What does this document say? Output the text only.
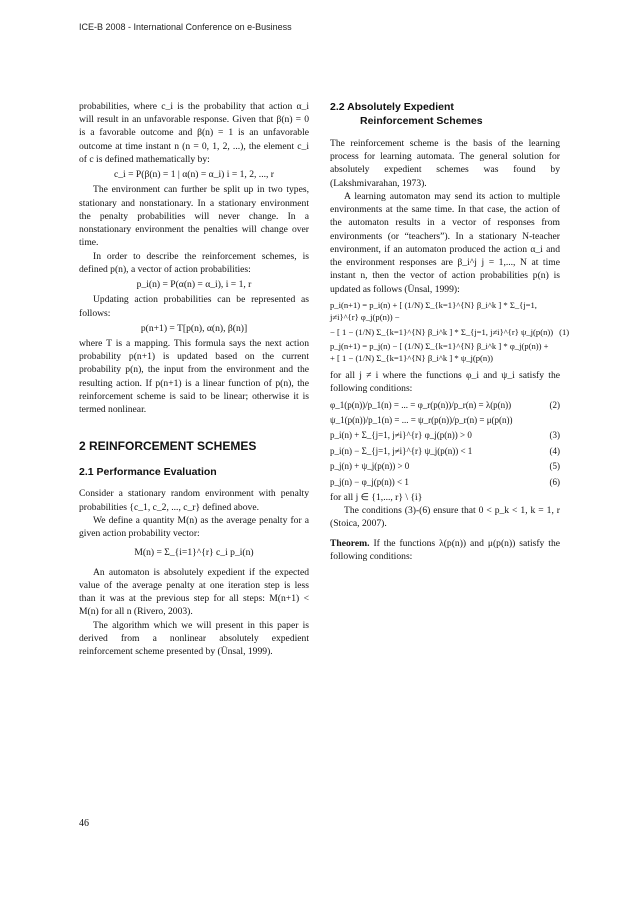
ICE-B 2008 - International Conference on e-Business

probabilities, where c_i is the probability that action α_i will result in an unfavorable response. Given that β(n) = 0 is a favorable outcome and β(n) = 1 is an unfavorable outcome at time instant n (n = 0, 1, 2, ...), the element c_i of c is defined mathematically by:

c_i = P(β(n) = 1 | α(n) = α_i) i = 1, 2, ..., r

The environment can further be split up in two types, stationary and nonstationary. In a stationary environment the penalty probabilities will never change. In a nonstationary environment the penalties will change over time.

In order to describe the reinforcement schemes, is defined p(n), a vector of action probabilities:

p_i(n) = P(α(n) = α_i), i = 1, r

Updating action probabilities can be represented as follows:

p(n+1) = T[p(n), α(n), β(n)]

where T is a mapping. This formula says the next action probability p(n+1) is updated based on the current probability p(n), the input from the environment and the resulting action. If p(n+1) is a linear function of p(n), the reinforcement scheme is said to be linear; otherwise it is termed nonlinear.

2 REINFORCEMENT SCHEMES
2.1 Performance Evaluation

Consider a stationary random environment with penalty probabilities {c_1, c_2, ..., c_r} defined above.

We define a quantity M(n) as the average penalty for a given action probability vector:

M(n) = Σ_{i=1}^{r} c_i p_i(n)

An automaton is absolutely expedient if the expected value of the average penalty at one iteration step is less than it was at the previous step for all steps: M(n+1) < M(n) for all n (Rivero, 2003).

The algorithm which we will present in this paper is derived from a nonlinear absolutely expedient reinforcement scheme presented by (Ünsal, 1999).

2.2 Absolutely Expedient
Reinforcement Schemes

The reinforcement scheme is the basis of the learning process for learning automata. The general solution for absolutely expedient schemes was found by (Lakshmivarahan, 1973).

A learning automaton may send its action to multiple environments at the same time. In that case, the action of the automaton results in a vector of responses from environments (or “teachers”). In a stationary N-teacher environment, if an automaton produced the action α_i and the environment responses are β_i^j j = 1,..., N at time instant n, then the vector of action probabilities p(n) is updated as follows (Ünsal, 1999):

p_i(n+1) = p_i(n) + [ (1/N) Σ_{k=1}^{N} β_i^k ] * Σ_{j=1, j≠i}^{r} φ_j(p(n)) −
− [ 1 − (1/N) Σ_{k=1}^{N} β_i^k ] * Σ_{j=1, j≠i}^{r} ψ_j(p(n)) (1)
p_j(n+1) = p_j(n) − [ (1/N) Σ_{k=1}^{N} β_i^k ] * φ_j(p(n)) +
+ [ 1 − (1/N) Σ_{k=1}^{N} β_i^k ] * ψ_j(p(n))

for all j ≠ i where the functions φ_i and ψ_i satisfy the following conditions:

φ_1(p(n))/p_1(n) = ... = φ_r(p(n))/p_r(n) = λ(p(n))	(2)
ψ_1(p(n))/p_1(n) = ... = ψ_r(p(n))/p_r(n) = μ(p(n))
p_i(n) + Σ_{j=1, j≠i}^{r} φ_j(p(n)) > 0	(3)
p_i(n) − Σ_{j=1, j≠i}^{r} ψ_j(p(n)) < 1	(4)
p_j(n) + ψ_j(p(n)) > 0	(5)
p_j(n) − φ_j(p(n)) < 1	(6)

for all j ∈ {1,..., r} \ {i}

The conditions (3)-(6) ensure that 0 < p_k < 1, k = 1, r (Stoica, 2007).

Theorem. If the functions λ(p(n)) and μ(p(n)) satisfy the following conditions:

46
